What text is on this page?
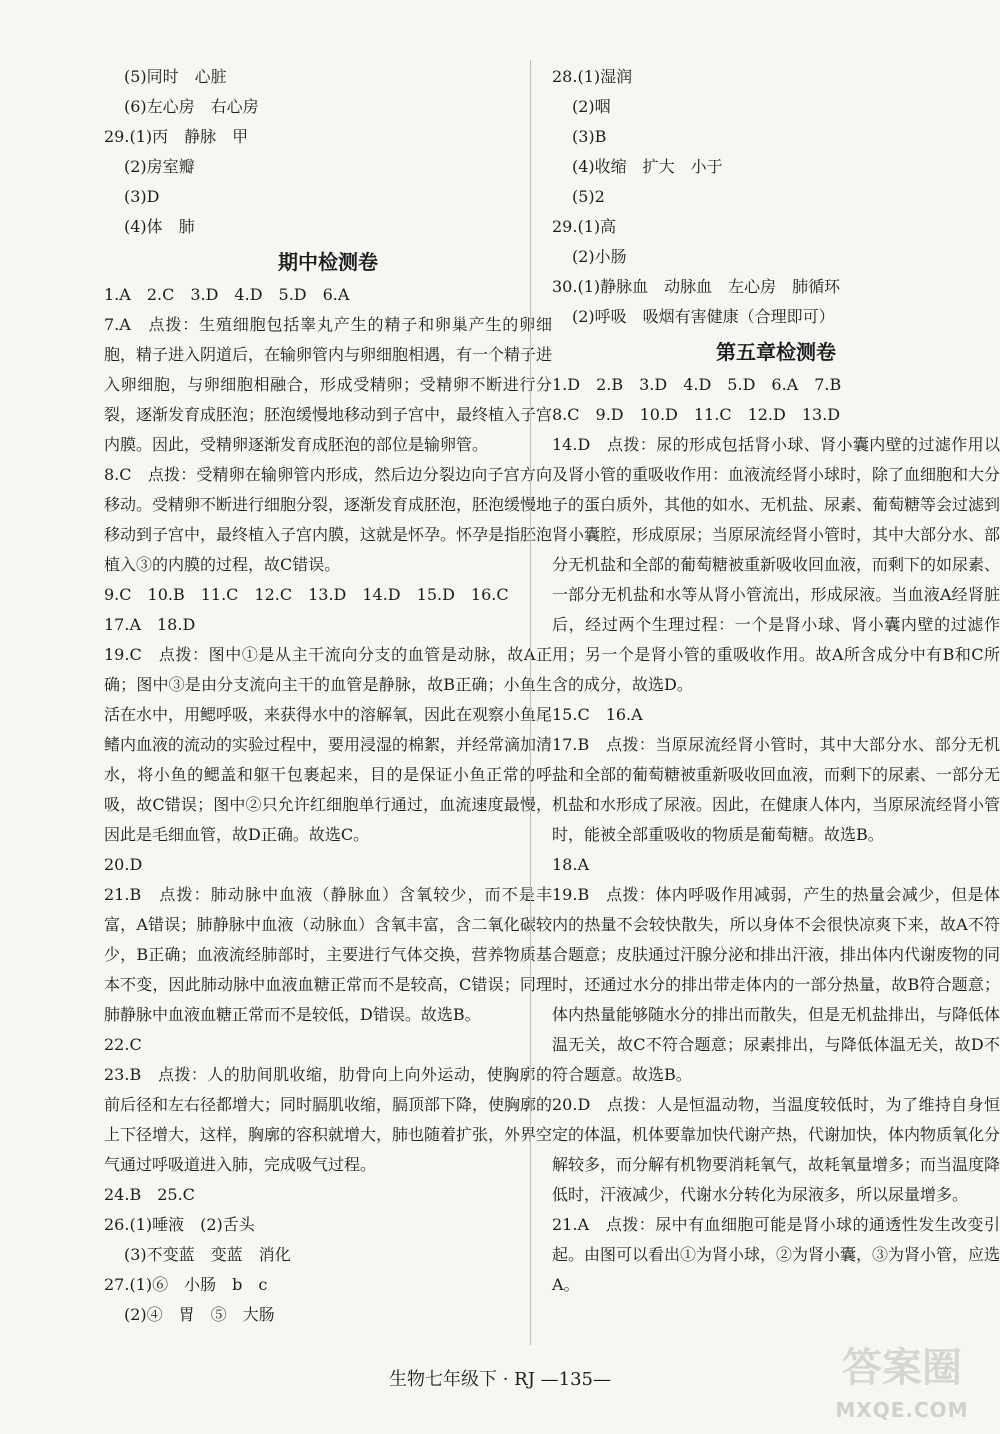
(5)同时　心脏
(6)左心房　右心房
29.(1)丙　静脉　甲
(2)房室瓣
(3)D
(4)体　肺
期中检测卷
1.A　2.C　3.D　4.D　5.D　6.A
7.A　点拨：生殖细胞包括睾丸产生的精子和卵巢产生的卵细胞，精子进入阴道后，在输卵管内与卵细胞相遇，有一个精子进入卵细胞，与卵细胞相融合，形成受精卵；受精卵不断进行分裂，逐渐发育成胚泡；胚泡缓慢地移动到子宫中，最终植入子宫内膜。因此，受精卵逐渐发育成胚泡的部位是输卵管。
8.C　点拨：受精卵在输卵管内形成，然后边分裂边向子宫方向移动。受精卵不断进行细胞分裂，逐渐发育成胚泡，胚泡缓慢地移动到子宫中，最终植入子宫内膜，这就是怀孕。怀孕是指胚泡植入③的内膜的过程，故C错误。
9.C　10.B　11.C　12.C　13.D　14.D　15.D　16.C
17.A　18.D
19.C　点拨：图中①是从主干流向分支的血管是动脉，故A正确；图中③是由分支流向主干的血管是静脉，故B正确；小鱼生活在水中，用鳃呼吸，来获得水中的溶解氧，因此在观察小鱼尾鳍内血液的流动的实验过程中，要用浸湿的棉絮，并经常滴加清水，将小鱼的鳃盖和躯干包裹起来，目的是保证小鱼正常的呼吸，故C错误；图中②只允许红细胞单行通过，血流速度最慢，因此是毛细血管，故D正确。故选C。
20.D
21.B　点拨：肺动脉中血液（静脉血）含氧较少，而不是丰富，A错误；肺静脉中血液（动脉血）含氧丰富，含二氧化碳较少，B正确；血液流经肺部时，主要进行气体交换，营养物质基本不变，因此肺动脉中血液血糖正常而不是较高，C错误；同理肺静脉中血液血糖正常而不是较低，D错误。故选B。
22.C
23.B　点拨：人的肋间肌收缩，肋骨向上向外运动，使胸廓的前后径和左右径都增大；同时膈肌收缩，膈顶部下降，使胸廓的上下径增大，这样，胸廓的容积就增大，肺也随着扩张，外界空气通过呼吸道进入肺，完成吸气过程。
24.B　25.C
26.(1)唾液　(2)舌头
(3)不变蓝　变蓝　消化
27.(1)⑥　小肠　b　c
(2)④　胃　⑤　大肠
28.(1)湿润
(2)咽
(3)B
(4)收缩　扩大　小于
(5)2
29.(1)高
(2)小肠
30.(1)静脉血　动脉血　左心房　肺循环
(2)呼吸　吸烟有害健康（合理即可）
第五章检测卷
1.D　2.B　3.D　4.D　5.D　6.A　7.B
8.C　9.D　10.D　11.C　12.D　13.D
14.D　点拨：尿的形成包括肾小球、肾小囊内壁的过滤作用以及肾小管的重吸收作用：血液流经肾小球时，除了血细胞和大分子的蛋白质外，其他的如水、无机盐、尿素、葡萄糖等会过滤到肾小囊腔，形成原尿；当原尿流经肾小管时，其中大部分水、部分无机盐和全部的葡萄糖被重新吸收回血液，而剩下的如尿素、一部分无机盐和水等从肾小管流出，形成尿液。当血液A经肾脏后，经过两个生理过程：一个是肾小球、肾小囊内壁的过滤作用；另一个是肾小管的重吸收作用。故A所含成分中有B和C所含的成分，故选D。
15.C　16.A
17.B　点拨：当原尿流经肾小管时，其中大部分水、部分无机盐和全部的葡萄糖被重新吸收回血液，而剩下的尿素、一部分无机盐和水形成了尿液。因此，在健康人体内，当原尿流经肾小管时，能被全部重吸收的物质是葡萄糖。故选B。
18.A
19.B　点拨：体内呼吸作用减弱，产生的热量会减少，但是体内的热量不会较快散失，所以身体不会很快凉爽下来，故A不符合题意；皮肤通过汗腺分泌和排出汗液，排出体内代谢废物的同时，还通过水分的排出带走体内的一部分热量，故B符合题意；体内热量能够随水分的排出而散失，但是无机盐排出，与降低体温无关，故C不符合题意；尿素排出，与降低体温无关，故D不符合题意。故选B。
20.D　点拨：人是恒温动物，当温度较低时，为了维持自身恒定的体温，机体要靠加快代谢产热，代谢加快，体内物质氧化分解较多，而分解有机物要消耗氧气，故耗氧量增多；而当温度降低时，汗液减少，代谢水分转化为尿液多，所以尿量增多。
21.A　点拨：尿中有血细胞可能是肾小球的通透性发生改变引起。由图可以看出①为肾小球，②为肾小囊，③为肾小管，应选A。
生物七年级下 · RJ —135—	答案圈
MXQE.COM
